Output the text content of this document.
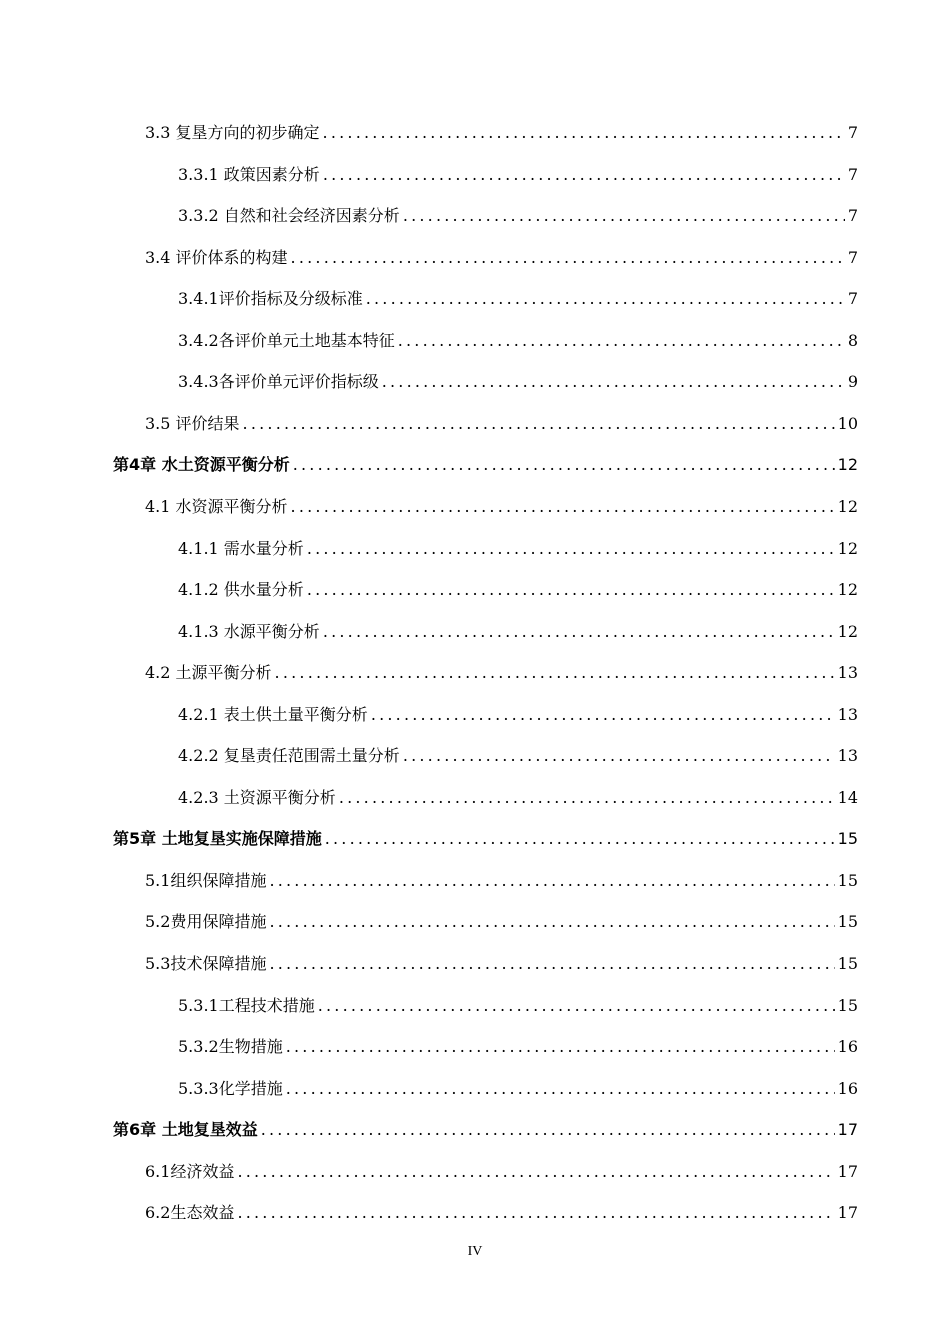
3.3 复垦方向的初步确定 .....	7
3.3.1 政策因素分析 .....	7
3.3.2 自然和社会经济因素分析 .....	7
3.4 评价体系的构建 .....	7
3.4.1评价指标及分级标准 .....	7
3.4.2各评价单元土地基本特征 .....	8
3.4.3各评价单元评价指标级 .....	9
3.5 评价结果 .....	10
第4章 水土资源平衡分析 .....	12
4.1 水资源平衡分析 .....	12
4.1.1 需水量分析 .....	12
4.1.2 供水量分析 .....	12
4.1.3 水源平衡分析 .....	12
4.2 土源平衡分析 .....	13
4.2.1 表土供土量平衡分析 .....	13
4.2.2 复垦责任范围需土量分析 .....	13
4.2.3 土资源平衡分析 .....	14
第5章 土地复垦实施保障措施 .....	15
5.1组织保障措施 .....	15
5.2费用保障措施 .....	15
5.3技术保障措施 .....	15
5.3.1工程技术措施 .....	15
5.3.2生物措施 .....	16
5.3.3化学措施 .....	16
第6章 土地复垦效益 .....	17
6.1经济效益 .....	17
6.2生态效益 .....	17
IV
